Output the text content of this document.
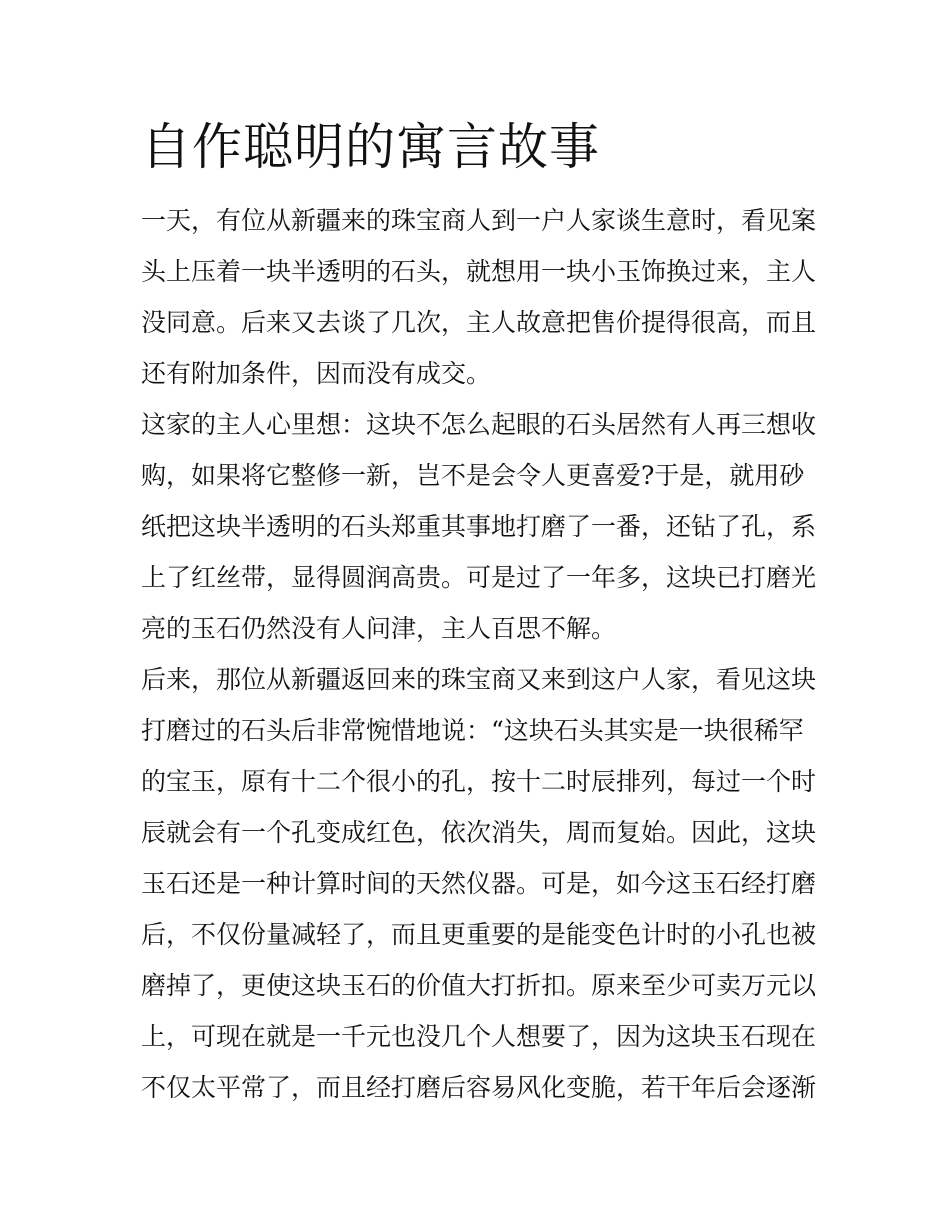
自作聪明的寓言故事

一天，有位从新疆来的珠宝商人到一户人家谈生意时，看见案

头上压着一块半透明的石头，就想用一块小玉饰换过来，主人

没同意。后来又去谈了几次，主人故意把售价提得很高，而且

还有附加条件，因而没有成交。

这家的主人心里想：这块不怎么起眼的石头居然有人再三想收

购，如果将它整修一新，岂不是会令人更喜爱?于是，就用砂

纸把这块半透明的石头郑重其事地打磨了一番，还钻了孔，系

上了红丝带，显得圆润高贵。可是过了一年多，这块已打磨光

亮的玉石仍然没有人问津，主人百思不解。

后来，那位从新疆返回来的珠宝商又来到这户人家，看见这块

打磨过的石头后非常惋惜地说：“这块石头其实是一块很稀罕

的宝玉，原有十二个很小的孔，按十二时辰排列，每过一个时

辰就会有一个孔变成红色，依次消失，周而复始。因此，这块

玉石还是一种计算时间的天然仪器。可是，如今这玉石经打磨

后，不仅份量减轻了，而且更重要的是能变色计时的小孔也被

磨掉了，更使这块玉石的价值大打折扣。原来至少可卖万元以

上，可现在就是一千元也没几个人想要了，因为这块玉石现在

不仅太平常了，而且经打磨后容易风化变脆，若干年后会逐渐
